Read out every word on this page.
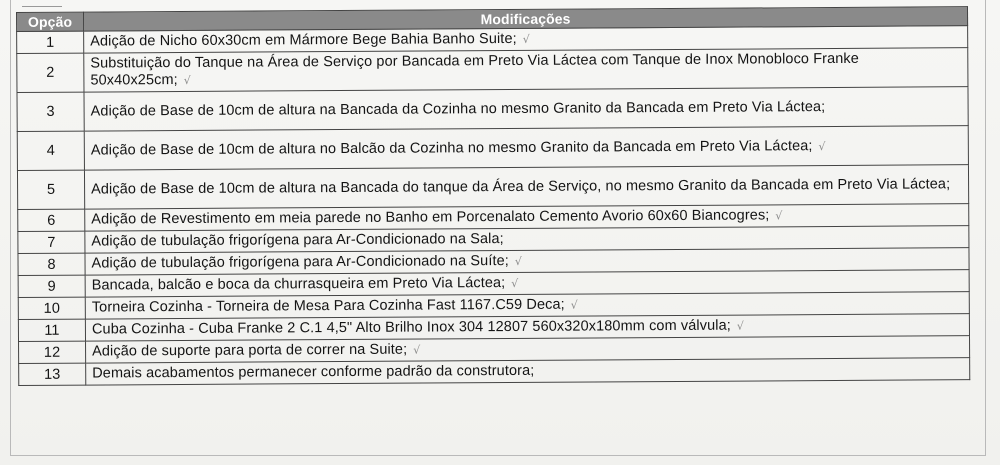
Opção	Modificações
1	Adição de Nicho 60x30cm em Mármore Bege Bahia Banho Suite; √
2	Substituição do Tanque na Área de Serviço por Bancada em Preto Via Láctea com Tanque de Inox Monobloco Franke 50x40x25cm; √
3	Adição de Base de 10cm de altura na Bancada da Cozinha no mesmo Granito da Bancada em Preto Via Láctea;
4	Adição de Base de 10cm de altura no Balcão da Cozinha no mesmo Granito da Bancada em Preto Via Láctea; √
5	Adição de Base de 10cm de altura na Bancada do tanque da Área de Serviço, no mesmo Granito da Bancada em Preto Via Láctea;
6	Adição de Revestimento em meia parede no Banho em Porcenalato Cemento Avorio 60x60 Biancogres; √
7	Adição de tubulação frigorígena para Ar-Condicionado na Sala;
8	Adição de tubulação frigorígena para Ar-Condicionado na Suíte; √
9	Bancada, balcão e boca da churrasqueira em Preto Via Láctea; √
10	Torneira Cozinha - Torneira de Mesa Para Cozinha Fast 1167.C59 Deca; √
11	Cuba Cozinha - Cuba Franke 2 C.1 4,5" Alto Brilho Inox 304 12807 560x320x180mm com válvula; √
12	Adição de suporte para porta de correr na Suite; √
13	Demais acabamentos permanecer conforme padrão da construtora;
